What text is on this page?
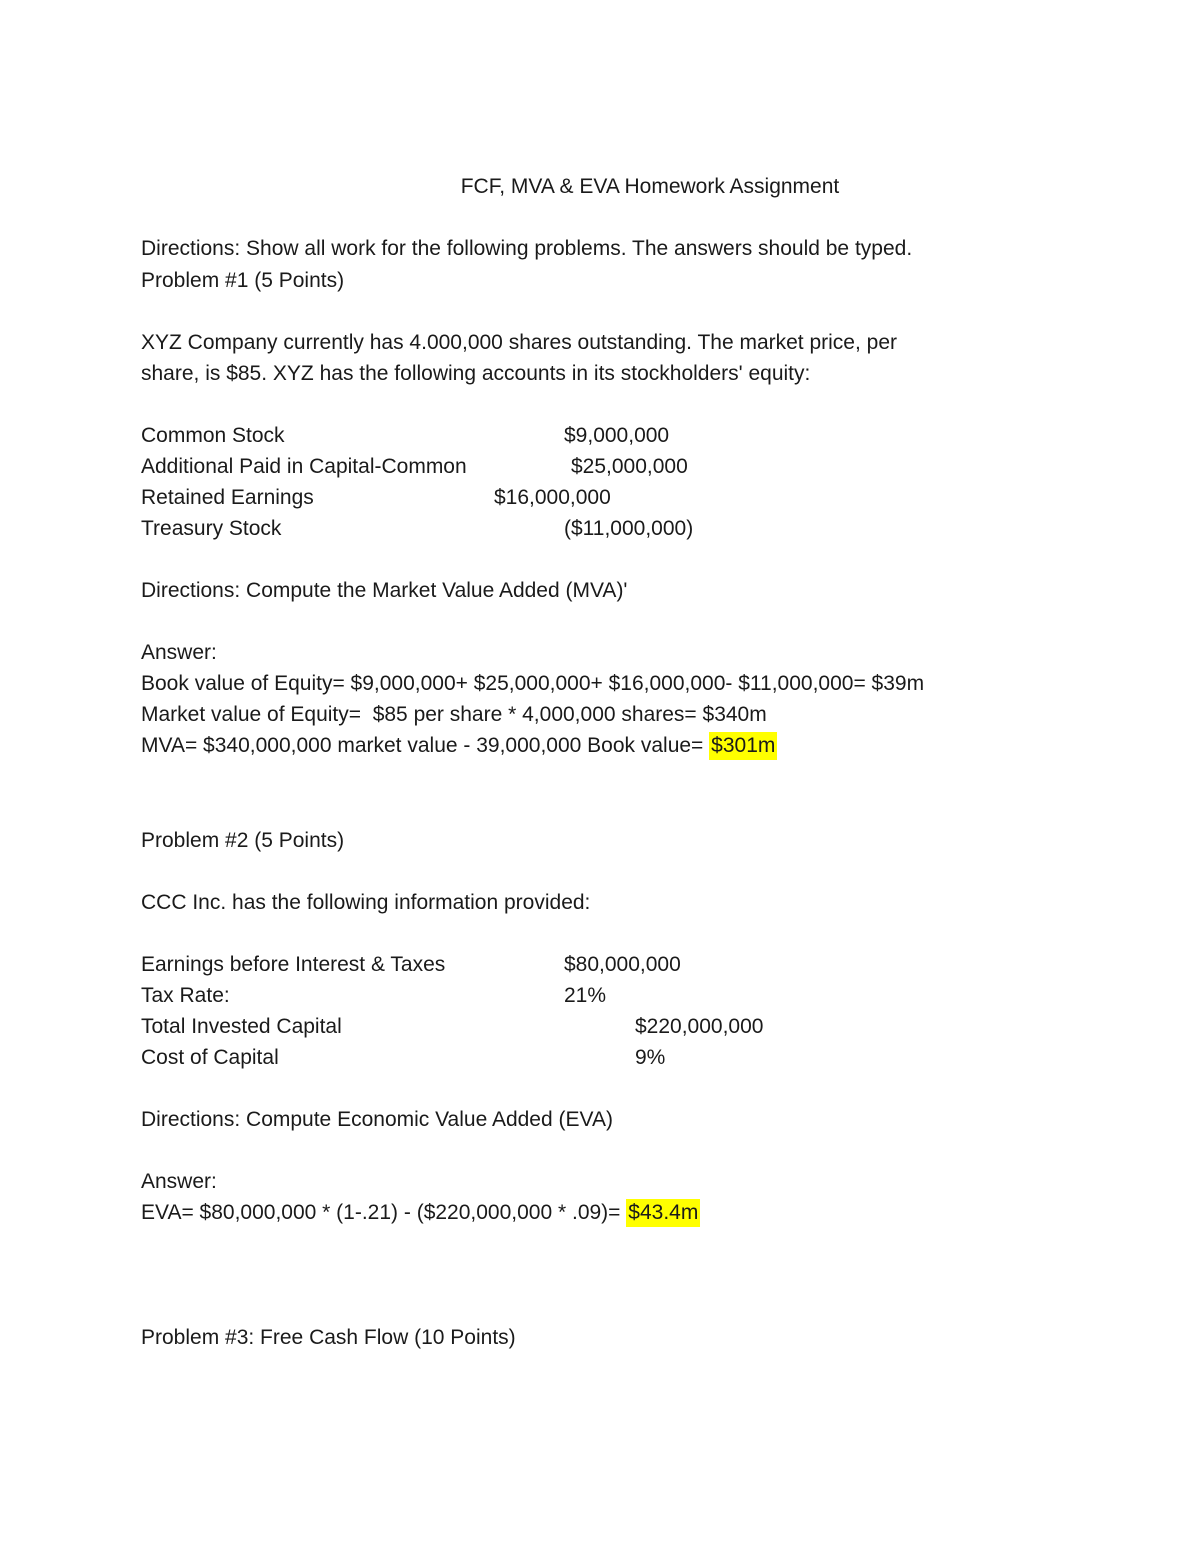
FCF, MVA & EVA Homework Assignment
Directions: Show all work for the following problems. The answers should be typed.
Problem #1 (5 Points)
XYZ Company currently has 4.000,000 shares outstanding. The market price, per
share, is $85. XYZ has the following accounts in its stockholders' equity:
Common Stock	$9,000,000
Additional Paid in Capital-Common	$25,000,000
Retained Earnings	$16,000,000
Treasury Stock	($11,000,000)
Directions: Compute the Market Value Added (MVA)'
Answer:
Book value of Equity= $9,000,000+ $25,000,000+ $16,000,000- $11,000,000= $39m
Market value of Equity=  $85 per share * 4,000,000 shares= $340m
MVA= $340,000,000 market value - 39,000,000 Book value= $301m
Problem #2 (5 Points)
CCC Inc. has the following information provided:
Earnings before Interest & Taxes	$80,000,000
Tax Rate:	21%
Total Invested Capital	$220,000,000
Cost of Capital	9%
Directions: Compute Economic Value Added (EVA)
Answer:
EVA= $80,000,000 * (1-.21) - ($220,000,000 * .09)= $43.4m
Problem #3: Free Cash Flow (10 Points)
